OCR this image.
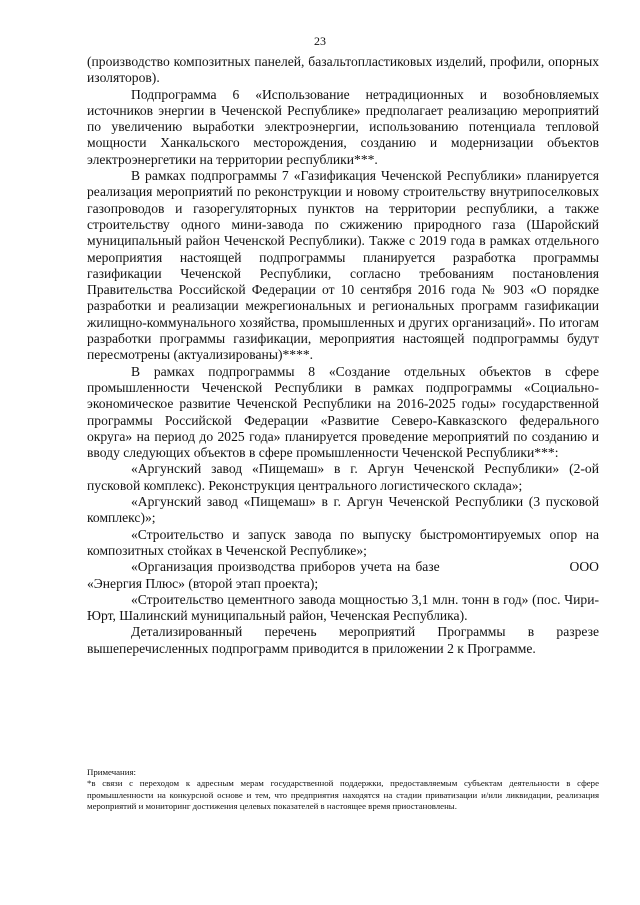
23

(производство композитных панелей, базальтопластиковых изделий, профили, опорных изоляторов).

Подпрограмма 6 «Использование нетрадиционных и возобновляемых источников энергии в Чеченской Республике» предполагает реализацию мероприятий по увеличению выработки электроэнергии, использованию потенциала тепловой мощности Ханкальского месторождения, созданию и модернизации объектов электроэнергетики на территории республики***.

В рамках подпрограммы 7 «Газификация Чеченской Республики» планируется реализация мероприятий по реконструкции и новому строительству внутрипоселковых газопроводов и газорегуляторных пунктов на территории республики, а также строительству одного мини-завода по сжижению природного газа (Шаройский муниципальный район Чеченской Республики). Также с 2019 года в рамках отдельного мероприятия настоящей подпрограммы планируется разработка программы газификации Чеченской Республики, согласно требованиям постановления Правительства Российской Федерации от 10 сентября 2016 года № 903 «О порядке разработки и реализации межрегиональных и региональных программ газификации жилищно-коммунального хозяйства, промышленных и других организаций». По итогам разработки программы газификации, мероприятия настоящей подпрограммы будут пересмотрены (актуализированы)****.

В рамках подпрограммы 8 «Создание отдельных объектов в сфере промышленности Чеченской Республики в рамках подпрограммы «Социально-экономическое развитие Чеченской Республики на 2016-2025 годы» государственной программы Российской Федерации «Развитие Северо-Кавказского федерального округа» на период до 2025 года» планируется проведение мероприятий по созданию и вводу следующих объектов в сфере промышленности Чеченской Республики***:

«Аргунский завод «Пищемаш» в г. Аргун Чеченской Республики» (2-ой пусковой комплекс). Реконструкция центрального логистического склада»;

«Аргунский завод «Пищемаш» в г. Аргун Чеченской Республики (3 пусковой комплекс)»;

«Строительство и запуск завода по выпуску быстромонтируемых опор на композитных стойках в Чеченской Республике»;

«Организация производства приборов учета на базе                          ООО «Энергия Плюс» (второй этап проекта);

«Строительство цементного завода мощностью 3,1 млн. тонн в год» (пос. Чири-Юрт, Шалинский муниципальный район, Чеченская Республика).

Детализированный перечень мероприятий Программы в разрезе вышеперечисленных подпрограмм приводится в приложении 2 к Программе.

Примечания:

*в связи с переходом к адресным мерам государственной поддержки, предоставляемым субъектам деятельности в сфере промышленности на конкурсной основе и тем, что предприятия находятся на стадии приватизации и/или ликвидации, реализация мероприятий и мониторинг достижения целевых показателей в настоящее время приостановлены.
